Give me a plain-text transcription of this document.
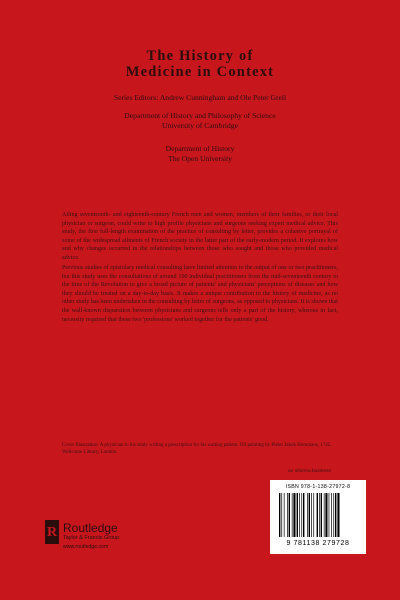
The History of
Medicine in Context
Series Editors: Andrew Cunningham and Ole Peter Grell
Department of History and Philosophy of Science
University of Cambridge
Department of History
The Open University
Ailing seventeenth- and eighteenth-century French men and women, members of their families, or their local physician or surgeon, could write to high profile physicians and surgeons seeking expert medical advice. This study, the first full-length examination of the practice of consulting by letter, provides a cohesive portrayal of some of the widespread ailments of French society in the latter part of the early-modern period. It explores how and why changes occurred in the relationships between those who sought and those who provided medical advice.
Previous studies of epistolary medical consulting have limited attention to the output of one or two practitioners, but this study uses the consultations of around 100 individual practitioners from the mid-seventeenth century to the time of the Revolution to give a broad picture of patients' and physicians' perceptions of diseases and how they should be treated on a day-to-day basis. It makes a unique contribution to the history of medicine, as no other study has been undertaken in the consulting by letter of surgeons, as opposed to physicians. It is shown that the wall-known disparation between physicians and surgeons tells only a part of the history, whereas in fact, necessity required that these two 'professions' worked together for the patients' good.
Cover Illustration: A physician in his study writing a prescription for his waiting patient. Oil painting by Pieter Jakob Horemans, 1745. Wellcome Library, London.
an informa business
ISBN 978-1-138-27972-8
9 781138 279728
R Routledge
Taylor & Francis Group
www.routledge.com
